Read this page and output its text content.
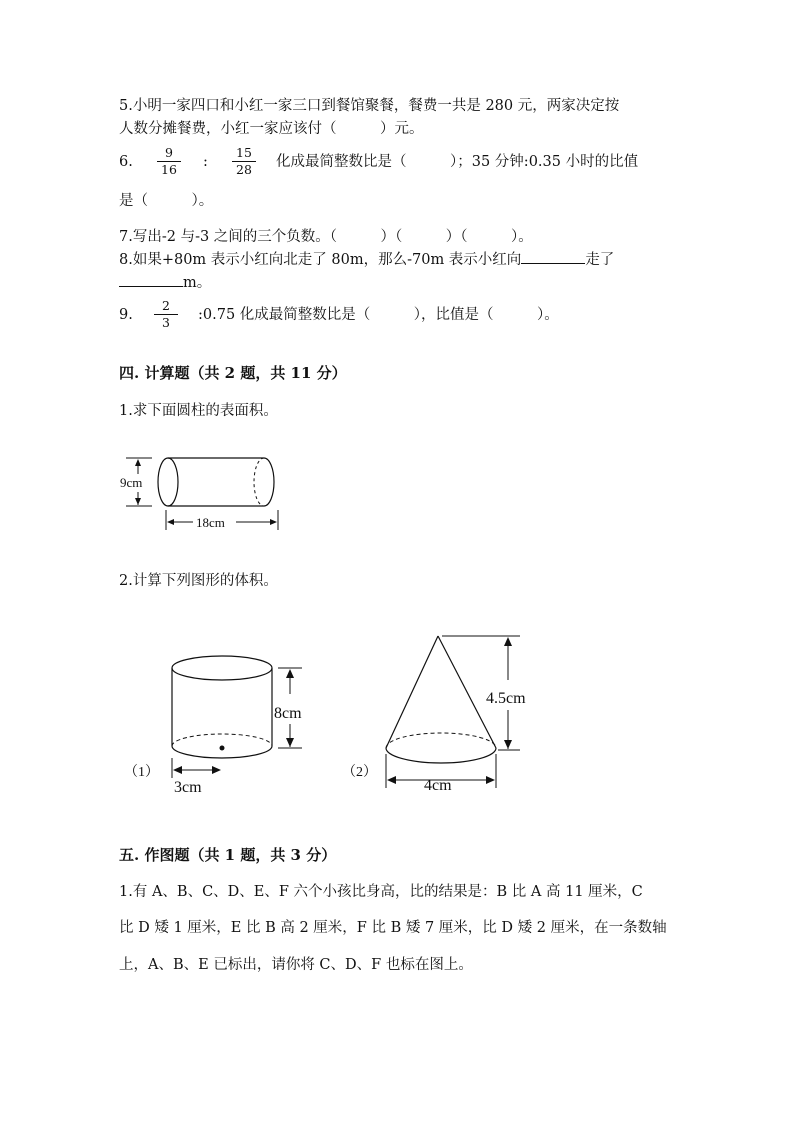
5.小明一家四口和小红一家三口到餐馆聚餐，餐费一共是 280 元，两家决定按
人数分摊餐费，小红一家应该付（　　　）元。
6.
9
16 :
15
28 化成最简整数比是（　　　）；35 分钟:0.35 小时的比值
是（　　　）。
7.写出-2 与-3 之间的三个负数。（　　　）（　　　）（　　　）。
8.如果+80m 表示小红向北走了 80m，那么-70m 表示小红向	走了
m。
9.
2
3	:0.75 化成最简整数比是（　　　），比值是（　　　）。
四. 计算题（共 2 题，共 11 分）
1.求下面圆柱的表面积。
9cm
18cm
2.计算下列图形的体积。
（1）
8cm
3cm
（2）
4.5cm
4cm
五. 作图题（共 1 题，共 3 分）
1.有 A、B、C、D、E、F 六个小孩比身高，比的结果是：B 比 A 高 11 厘米，C
比 D 矮 1 厘米，E 比 B 高 2 厘米，F 比 B 矮 7 厘米，比 D 矮 2 厘米，在一条数轴
上，A、B、E 已标出，请你将 C、D、F 也标在图上。
